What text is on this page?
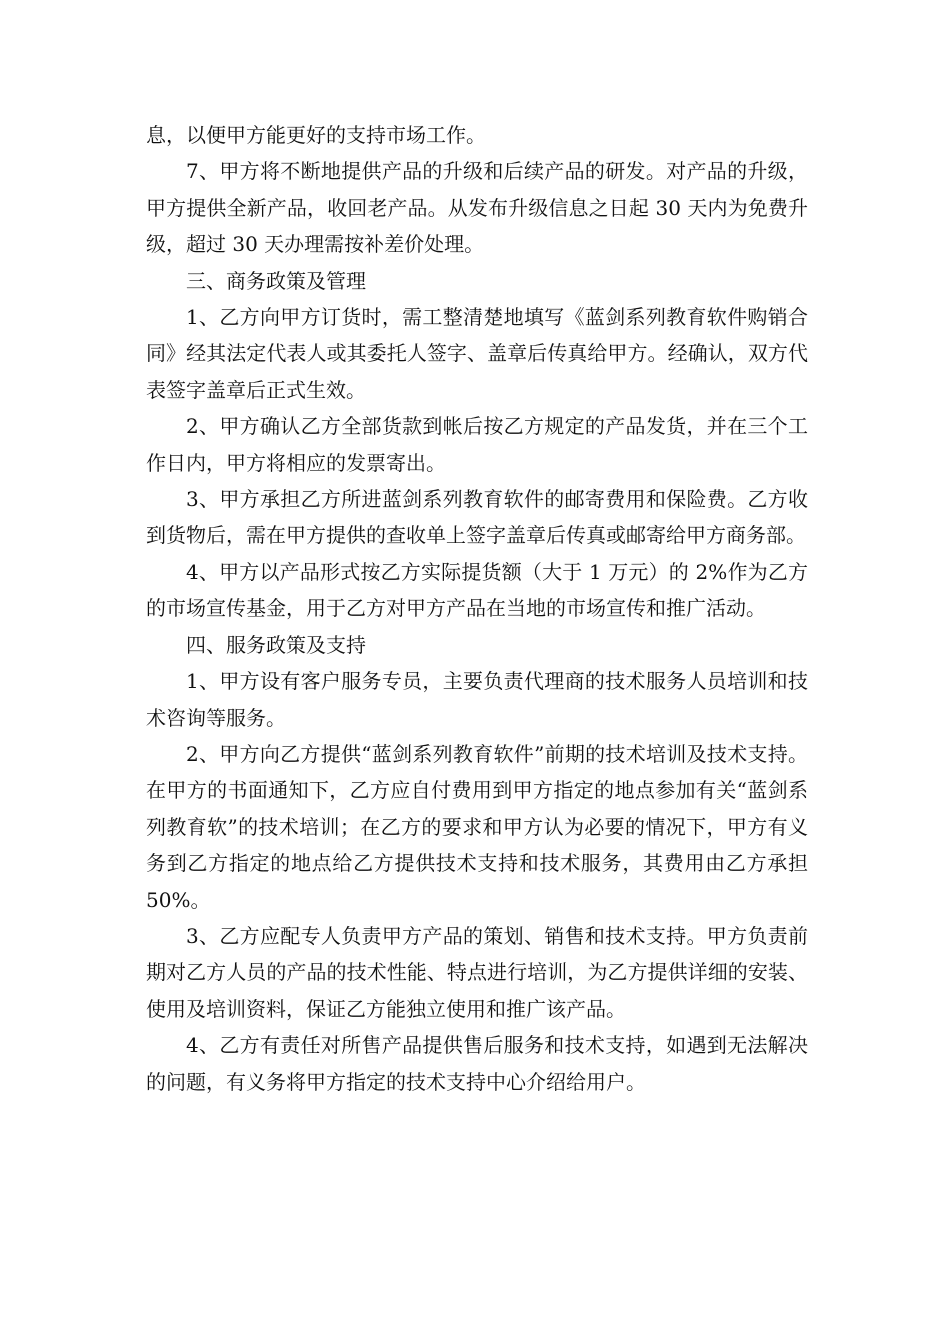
息，以便甲方能更好的支持市场工作。

7、甲方将不断地提供产品的升级和后续产品的研发。对产品的升级，甲方提供全新产品，收回老产品。从发布升级信息之日起 30 天内为免费升级，超过 30 天办理需按补差价处理。

三、商务政策及管理

1、乙方向甲方订货时，需工整清楚地填写《蓝剑系列教育软件购销合同》经其法定代表人或其委托人签字、盖章后传真给甲方。经确认，双方代表签字盖章后正式生效。

2、甲方确认乙方全部货款到帐后按乙方规定的产品发货，并在三个工作日内，甲方将相应的发票寄出。

3、甲方承担乙方所进蓝剑系列教育软件的邮寄费用和保险费。乙方收到货物后，需在甲方提供的查收单上签字盖章后传真或邮寄给甲方商务部。

4、甲方以产品形式按乙方实际提货额（大于 1 万元）的 2%作为乙方的市场宣传基金，用于乙方对甲方产品在当地的市场宣传和推广活动。

四、服务政策及支持

1、甲方设有客户服务专员，主要负责代理商的技术服务人员培训和技术咨询等服务。

2、甲方向乙方提供“蓝剑系列教育软件”前期的技术培训及技术支持。在甲方的书面通知下，乙方应自付费用到甲方指定的地点参加有关“蓝剑系列教育软”的技术培训；在乙方的要求和甲方认为必要的情况下，甲方有义务到乙方指定的地点给乙方提供技术支持和技术服务，其费用由乙方承担 50%。

3、乙方应配专人负责甲方产品的策划、销售和技术支持。甲方负责前期对乙方人员的产品的技术性能、特点进行培训，为乙方提供详细的安装、使用及培训资料，保证乙方能独立使用和推广该产品。

4、乙方有责任对所售产品提供售后服务和技术支持，如遇到无法解决的问题，有义务将甲方指定的技术支持中心介绍给用户。
